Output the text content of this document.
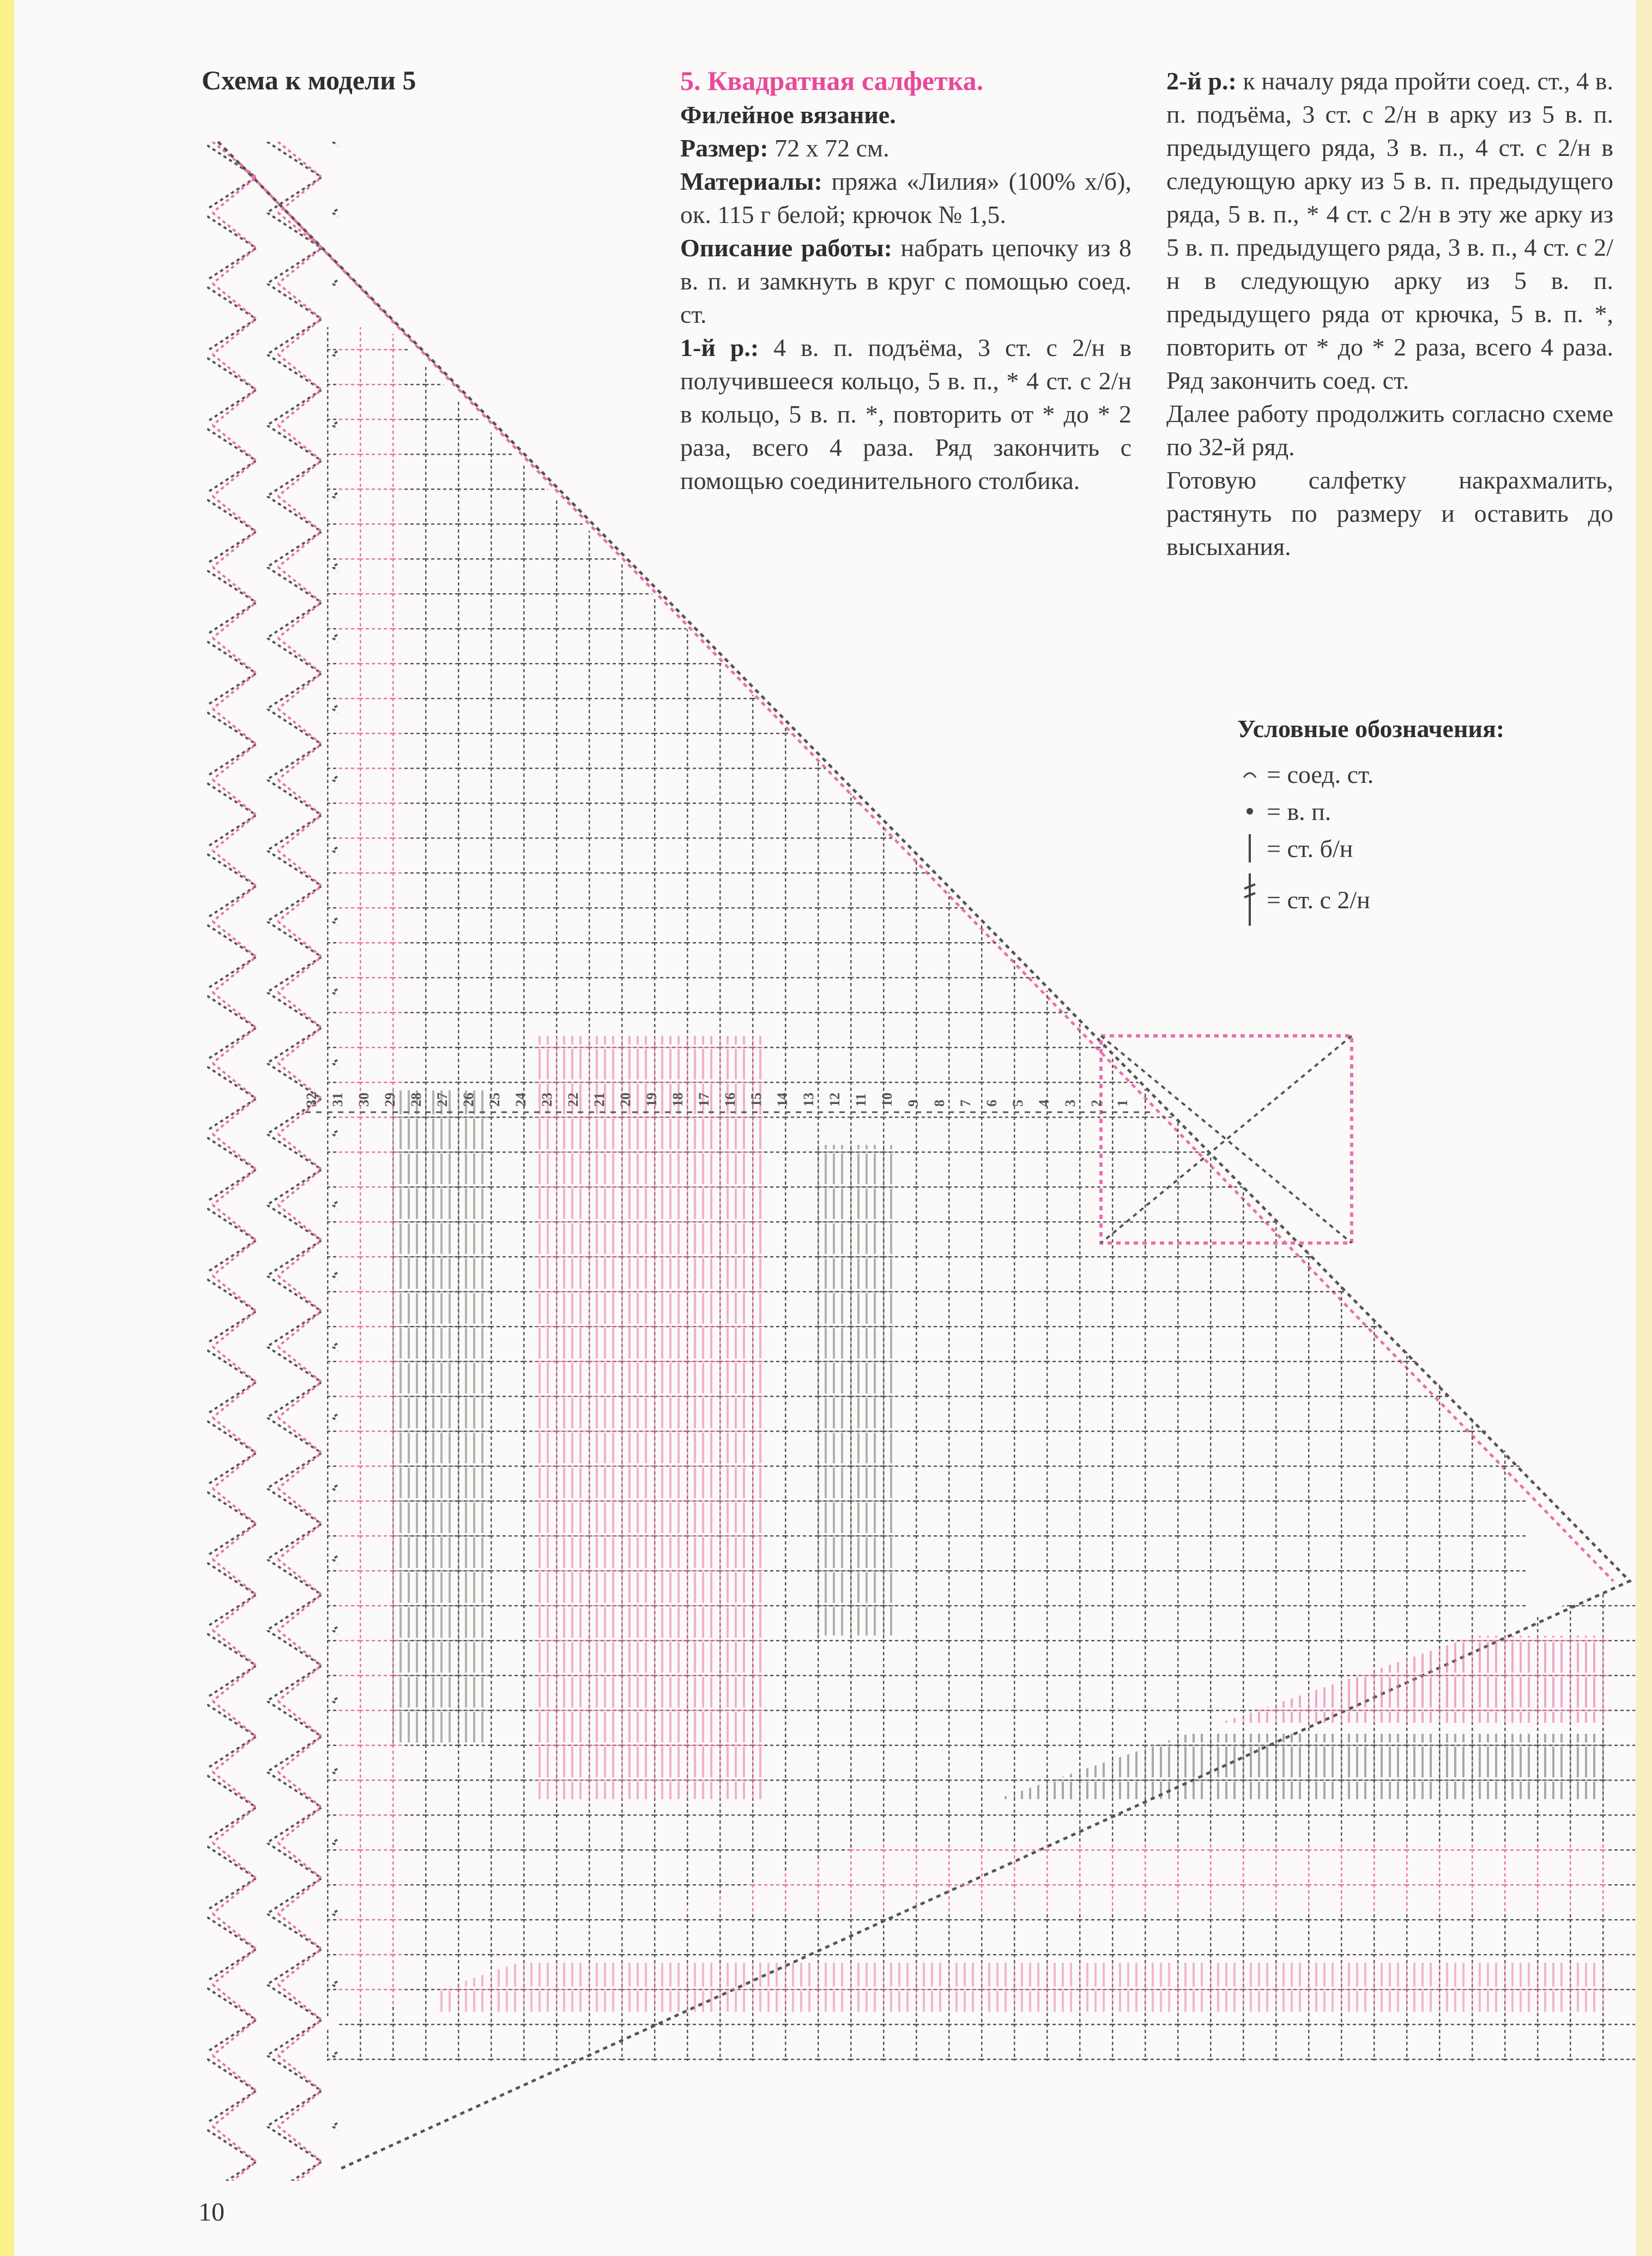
Схема к модели 5
32 31 30 29 28 27 26 25 24 23 22 21 20 19 18 17 16 15 14 13 12 11 10 9 8 7 6 5 4 3 2 1

5. Квадратная салфетка.

Филейное вязание.

Размер: 72 х 72 см.

Материалы: пряжа «Лилия» (100% х/б), ок. 115 г белой; крючок № 1,5.

Описание работы: набрать цепочку из 8 в. п. и замкнуть в круг с помощью соед. ст.

1-й р.: 4 в. п. подъёма, 3 ст. с 2/н в получившееся кольцо, 5 в. п., * 4 ст. с 2/н в кольцо, 5 в. п. *, повторить от * до * 2 раза, всего 4 раза. Ряд закончить с помощью соединительного столбика.

2-й р.: к началу ряда пройти соед. ст., 4 в. п. подъёма, 3 ст. с 2/н в арку из 5 в. п. предыдущего ряда, 3 в. п., 4 ст. с 2/н в следующую арку из 5 в. п. предыдущего ряда, 5 в. п., * 4 ст. с 2/н в эту же арку из 5 в. п. предыдущего ряда, 3 в. п., 4 ст. с 2/н в следующую арку из 5 в. п. предыдущего ряда от крючка, 5 в. п. *, повторить от * до * 2 раза, всего 4 раза. Ряд закончить соед. ст.

Далее работу продолжить согласно схеме по 32-й ряд.

Готовую салфетку накрахмалить, растянуть по размеру и оставить до высыхания.

Условные обозначения:
= соед. ст.
= в. п.
= ст. б/н
= ст. с 2/н
10
